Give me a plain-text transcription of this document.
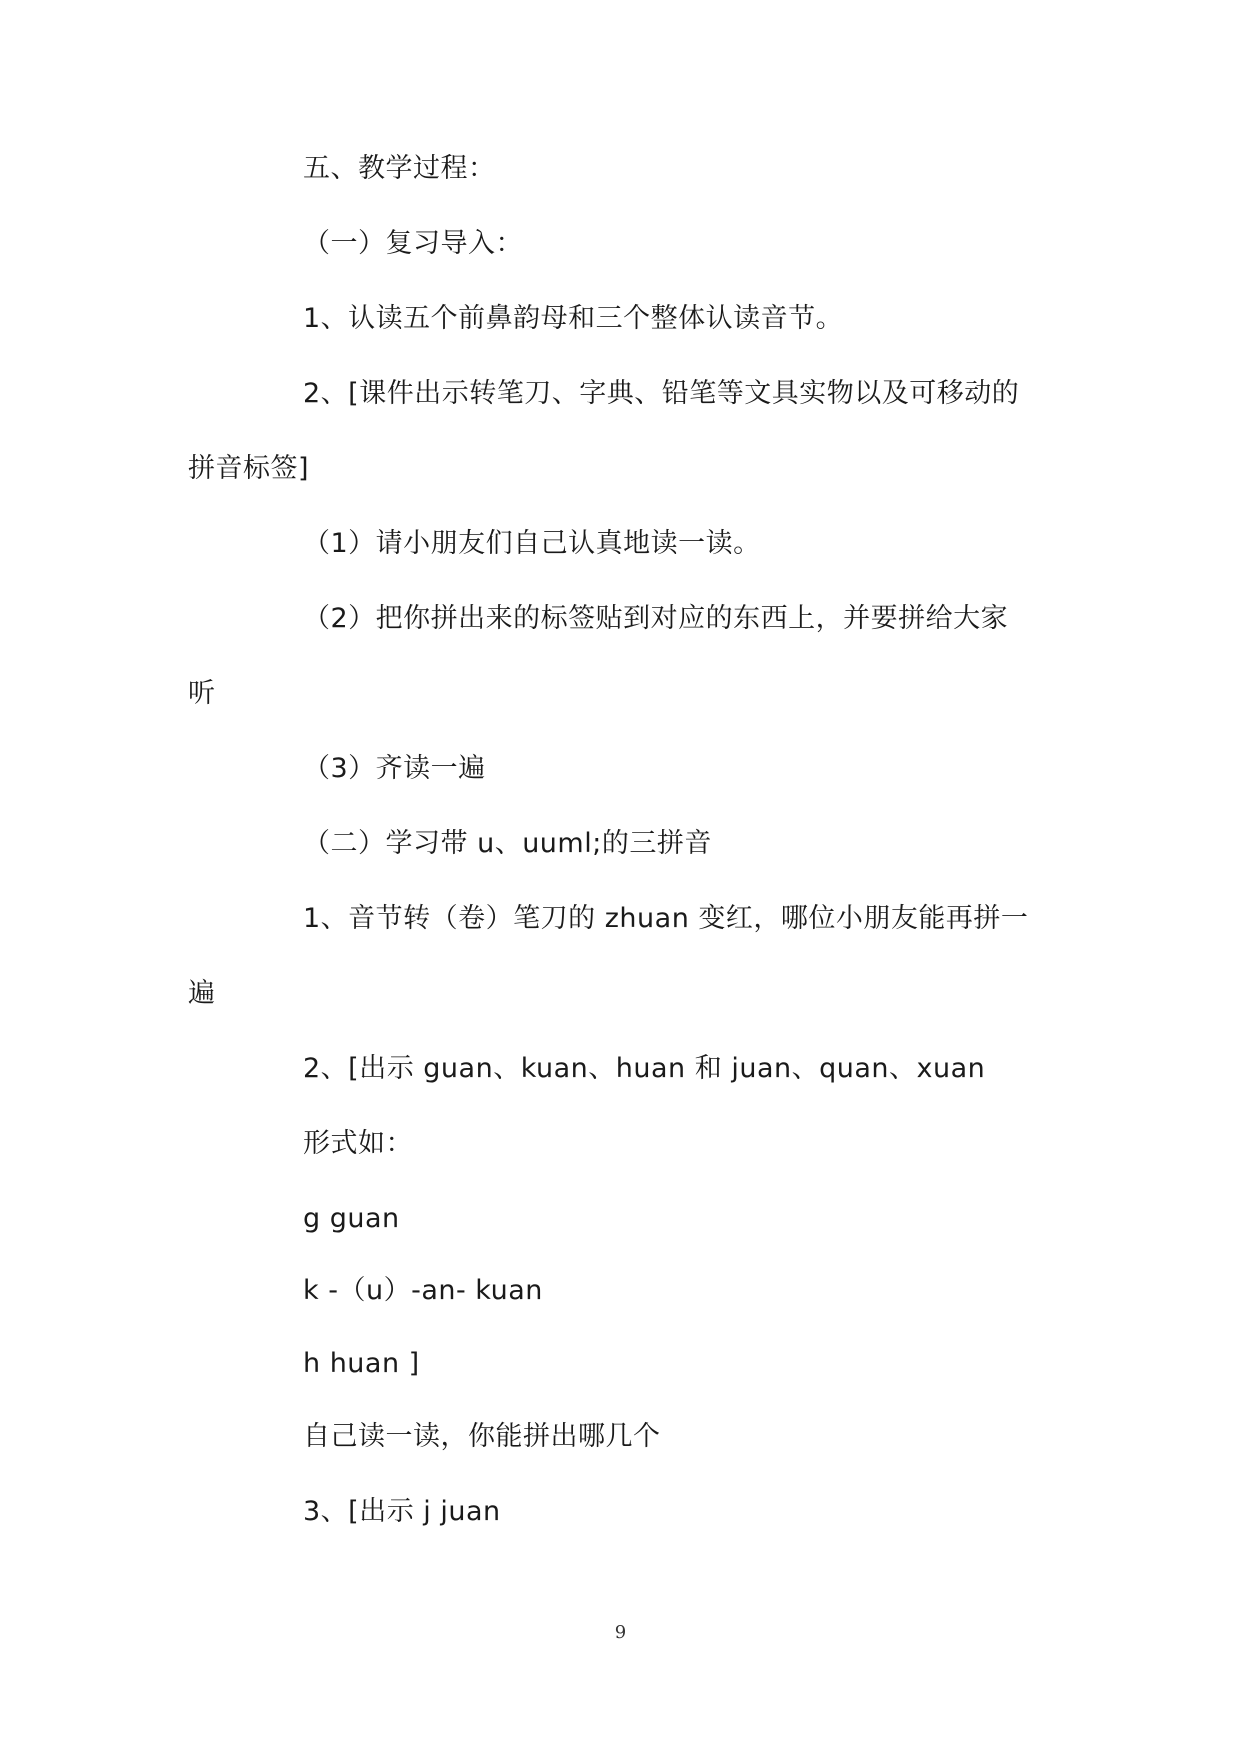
五、教学过程：
（一）复习导入：
1、认读五个前鼻韵母和三个整体认读音节。
2、[课件出示转笔刀、字典、铅笔等文具实物以及可移动的
拼音标签]
（1）请小朋友们自己认真地读一读。
（2）把你拼出来的标签贴到对应的东西上，并要拼给大家
听
（3）齐读一遍
（二）学习带 u、uuml;的三拼音
1、音节转（卷）笔刀的 zhuan 变红，哪位小朋友能再拼一
遍
2、[出示 guan、kuan、huan 和 juan、quan、xuan
形式如：
g guan
k -（u）-an- kuan
h huan ]
自己读一读，你能拼出哪几个
3、[出示 j juan
9
